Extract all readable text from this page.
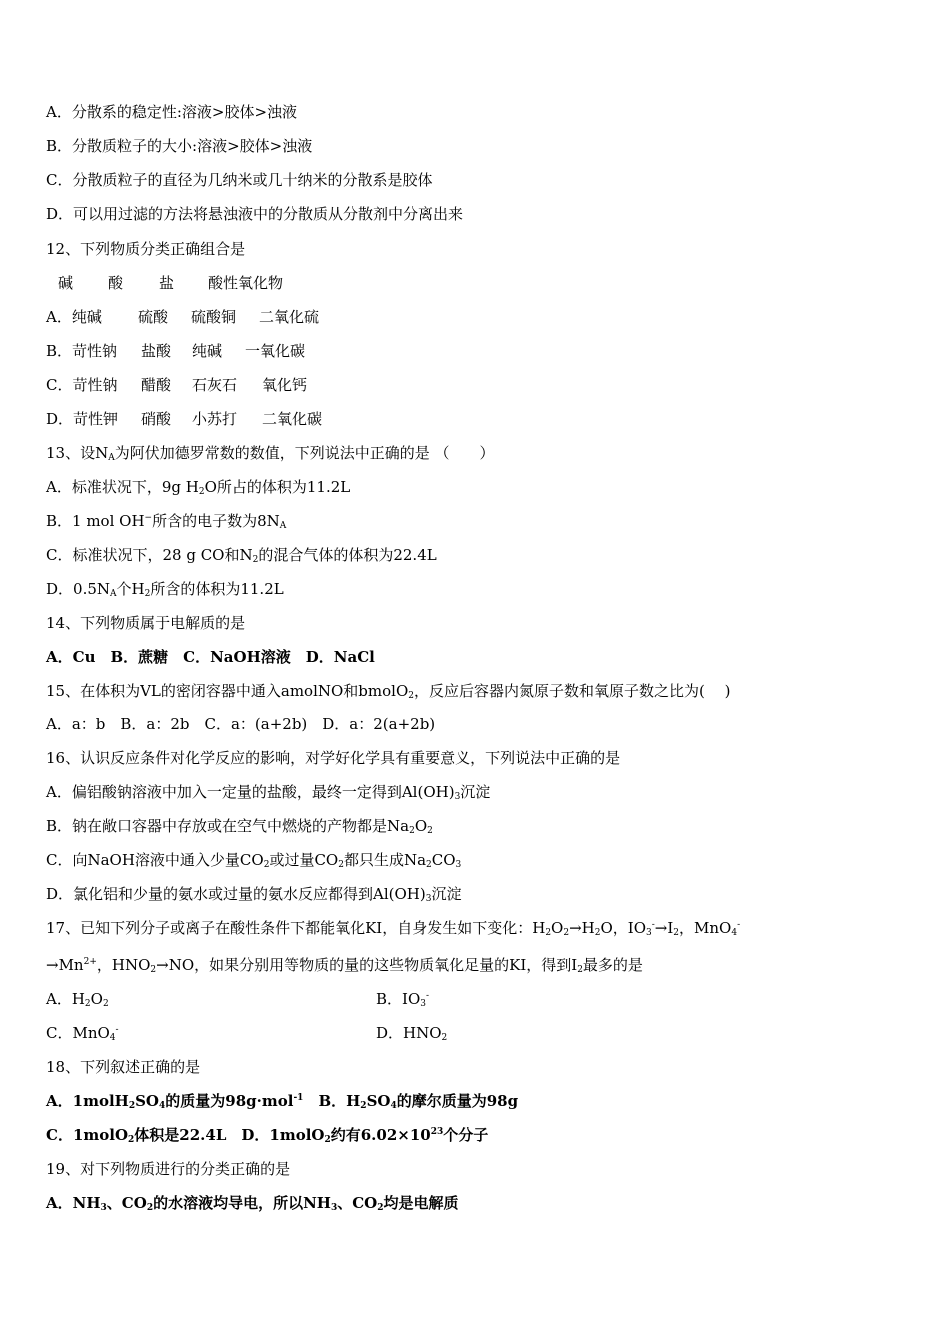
A．分散系的稳定性:溶液>胶体>浊液
B．分散质粒子的大小:溶液>胶体>浊液
C．分散质粒子的直径为几纳米或几十纳米的分散系是胶体
D．可以用过滤的方法将悬浊液中的分散质从分散剂中分离出来
12、下列物质分类正确组合是
碱 酸 盐 酸性氧化物
A．纯碱 硫酸 硫酸铜 二氧化硫
B．苛性钠 盐酸 纯碱 一氧化碳
C．苛性钠 醋酸 石灰石 氧化钙
D．苛性钾 硝酸 小苏打 二氧化碳
13、设$N_A$为阿伏加德罗常数的数值，下列说法中正确的是 （　　）
A．标准状况下，9g $H_2O$所占的体积为11.2L
B．1 mol OH−所含的电子数为$8N_A$
C．标准状况下，28 g CO和$N_2$的混合气体的体积为22.4L
D．$0.5N_A$个$H_2$所含的体积为11.2L
14、下列物质属于电解质的是
A．Cu　B．蔗糖　C．NaOH溶液　D．NaCl
15、在体积为VL的密闭容器中通入amolNO和bmolO$_2$，反应后容器内氮原子数和氧原子数之比为(　 )
A．a：b　B．a：2b　C．a：(a+2b)　D．a：2(a+2b)
16、认识反应条件对化学反应的影响，对学好化学具有重要意义，下列说法中正确的是
A．偏铝酸钠溶液中加入一定量的盐酸，最终一定得到$Al(OH)_3$沉淀
B．钠在敞口容器中存放或在空气中燃烧的产物都是$Na_2O_2$
C．向NaOH溶液中通入少量$CO_2$或过量$CO_2$都只生成$Na_2CO_3$
D．氯化铝和少量的氨水或过量的氨水反应都得到$Al(OH)_3$沉淀
17、已知下列分子或离子在酸性条件下都能氧化KI，自身发生如下变化：$H_2O_2\to H_2O$，$IO_3^-\to I_2$，MnO$_4$-
$\to Mn^{2+}$，$HNO_2\to NO$，如果分别用等物质的量的这些物质氧化足量的KI，得到$I_2$最多的是
A．$H_2O_2$	B．$IO_3^-$
C．MnO$_4$-	D．$HNO_2$
18、下列叙述正确的是
A．$1molH_2SO_4$的质量为98g·mol$^{-1}$　B．$H_2SO_4$的摩尔质量为98g
C．1molO$_2$体积是22.4L　D．1molO$_2$约有$6.02\times 10^{23}$个分子
19、对下列物质进行的分类正确的是
A．$NH_3$、$CO_2$的水溶液均导电，所以$NH_3$、$CO_2$均是电解质
